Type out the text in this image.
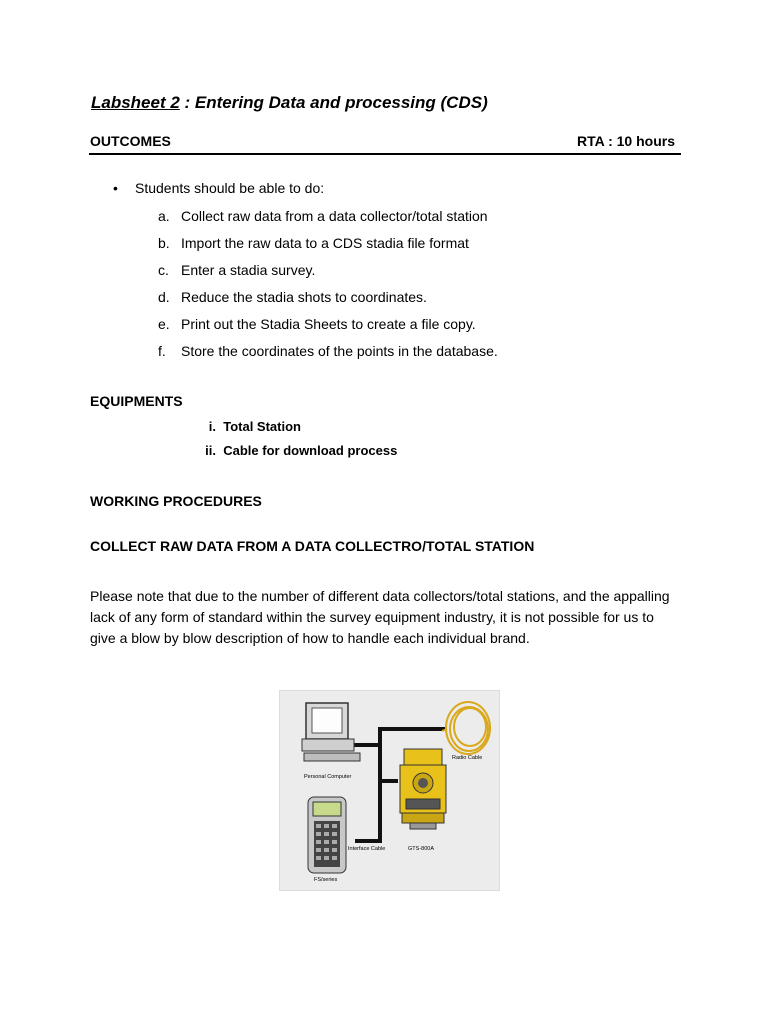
Labsheet 2 : Entering Data and processing (CDS)
OUTCOMES	RTA : 10 hours
• Students should be able to do:
a. Collect raw data from a data collector/total station
b. Import the raw data to a CDS stadia file format
c. Enter a stadia survey.
d. Reduce the stadia shots to coordinates.
e. Print out the Stadia Sheets to create a file copy.
f. Store the coordinates of the points in the database.
EQUIPMENTS
i. Total Station
ii. Cable for download process
WORKING PROCEDURES
COLLECT RAW DATA FROM A DATA COLLECTRO/TOTAL STATION
Please note that due to the number of different data collectors/total stations, and the appalling lack of any form of standard within the survey equipment industry, it is not possible for us to give a blow by blow description of how to handle each individual brand.
Personal Computer
Radio Cable
GTS-800A
Interface Cable
FS/series
